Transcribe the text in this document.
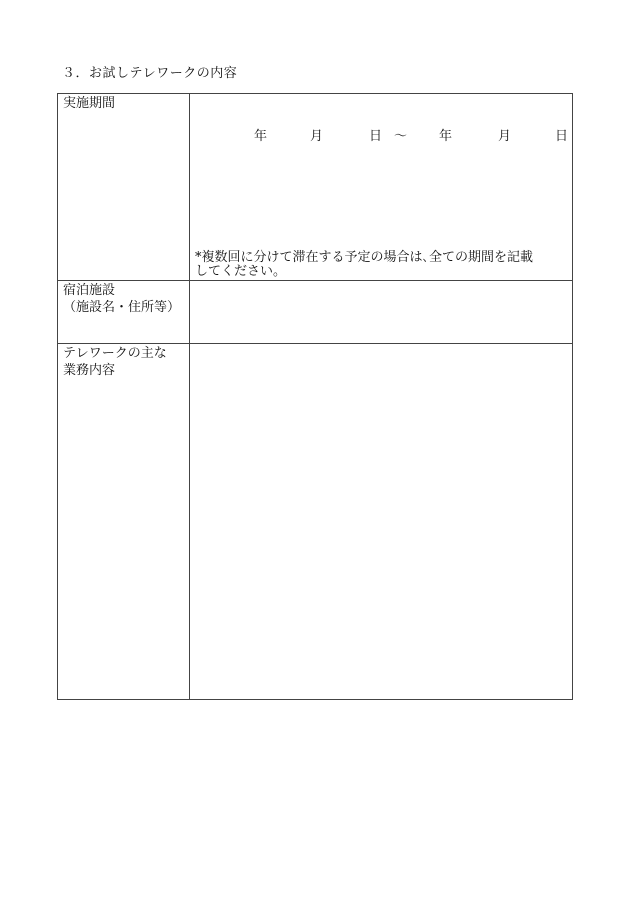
３．お試しテレワークの内容
実施期間
年	月	日 ～ 年	月	日
*複数回に分けて滞在する予定の場合は､全ての期間を記載
してください｡
宿泊施設
（施設名・住所等）
テレワークの主な
業務内容
